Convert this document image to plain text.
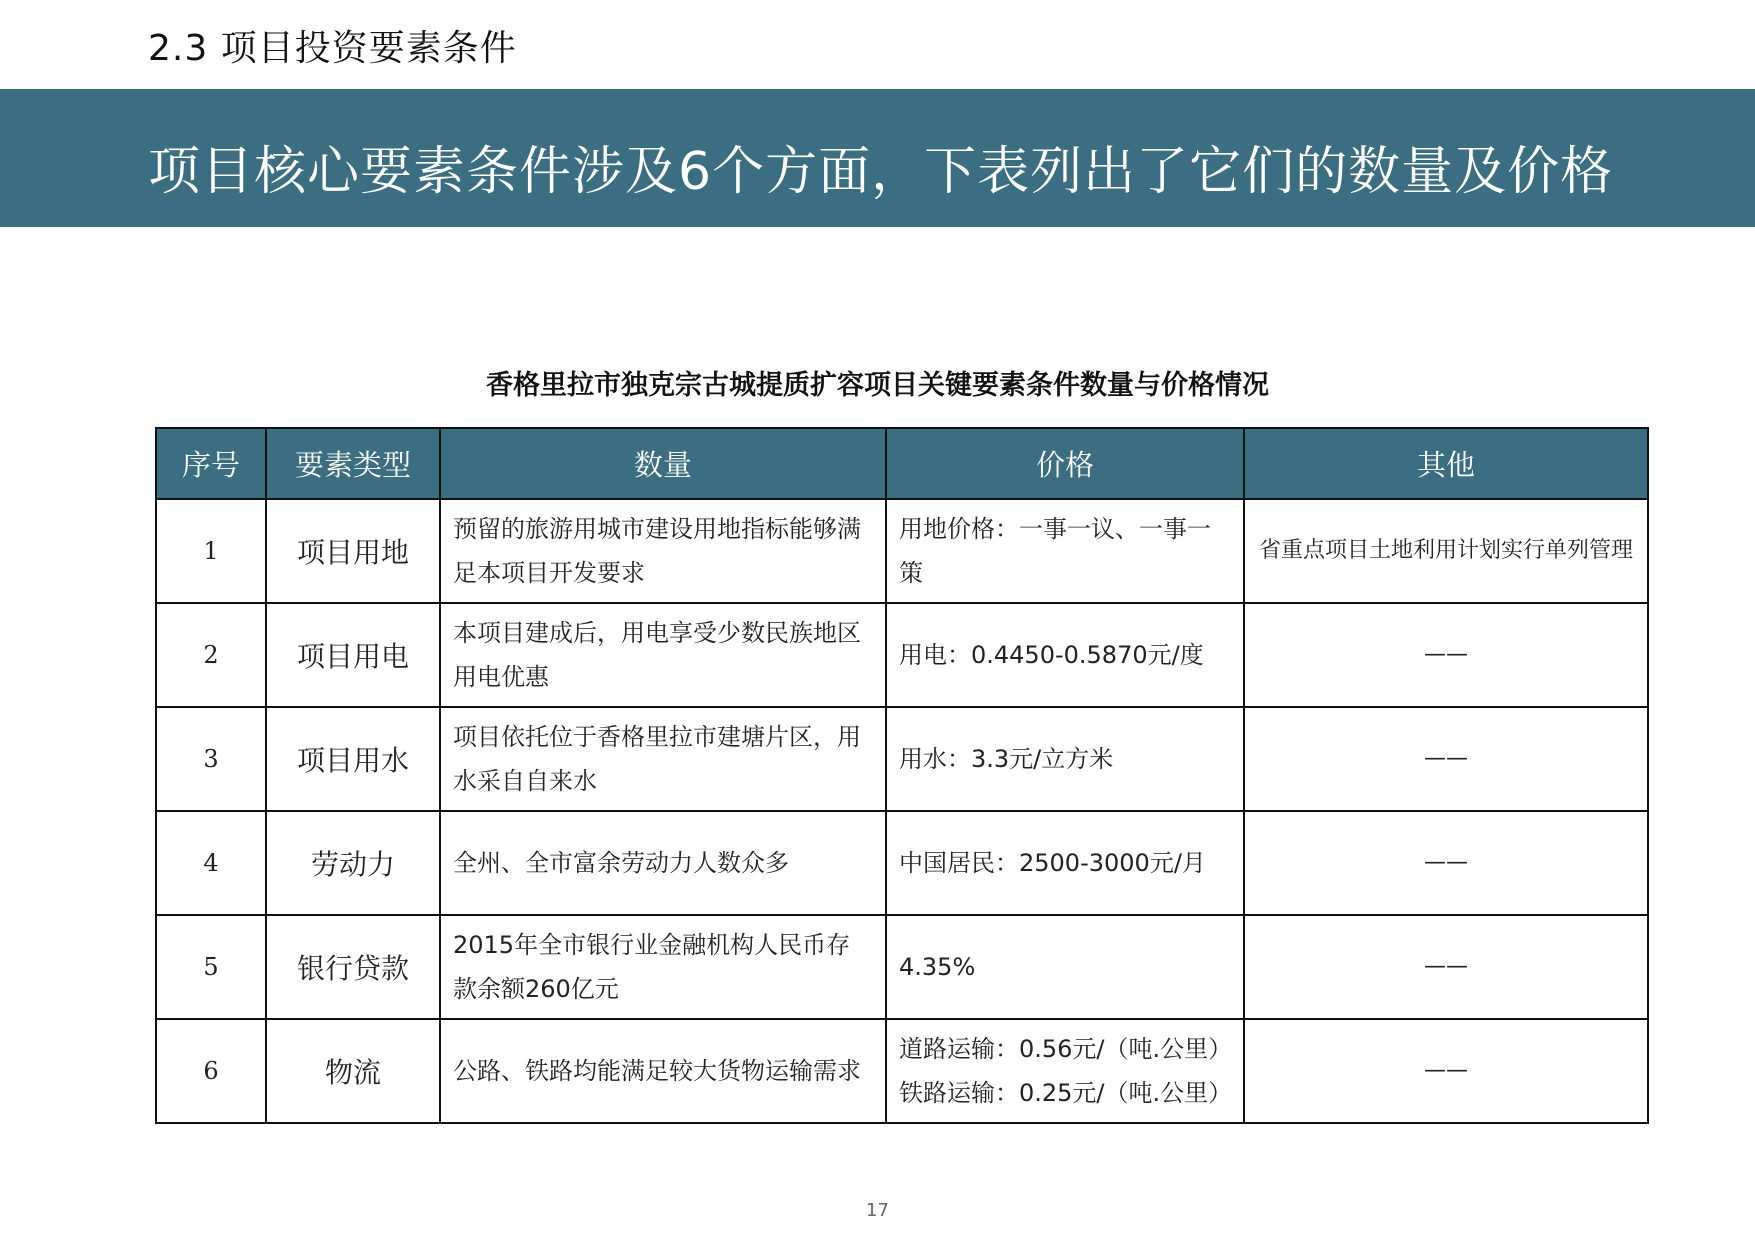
2.3 项目投资要素条件
项目核心要素条件涉及6个方面，下表列出了它们的数量及价格
香格里拉市独克宗古城提质扩容项目关键要素条件数量与价格情况
序号	要素类型	数量	价格	其他
1	项目用地	预留的旅游用城市建设用地指标能够满足本项目开发要求	用地价格：一事一议、一事一策	省重点项目土地利用计划实行单列管理
2	项目用电	本项目建成后，用电享受少数民族地区用电优惠	用电：0.4450-0.5870元/度	——
3	项目用水	项目依托位于香格里拉市建塘片区，用水采自自来水	用水：3.3元/立方米	——
4	劳动力	全州、全市富余劳动力人数众多	中国居民：2500-3000元/月	——
5	银行贷款	2015年全市银行业金融机构人民币存款余额260亿元	4.35%	——
6	物流	公路、铁路均能满足较大货物运输需求	道路运输：0.56元/（吨.公里）铁路运输：0.25元/（吨.公里）	——
17
